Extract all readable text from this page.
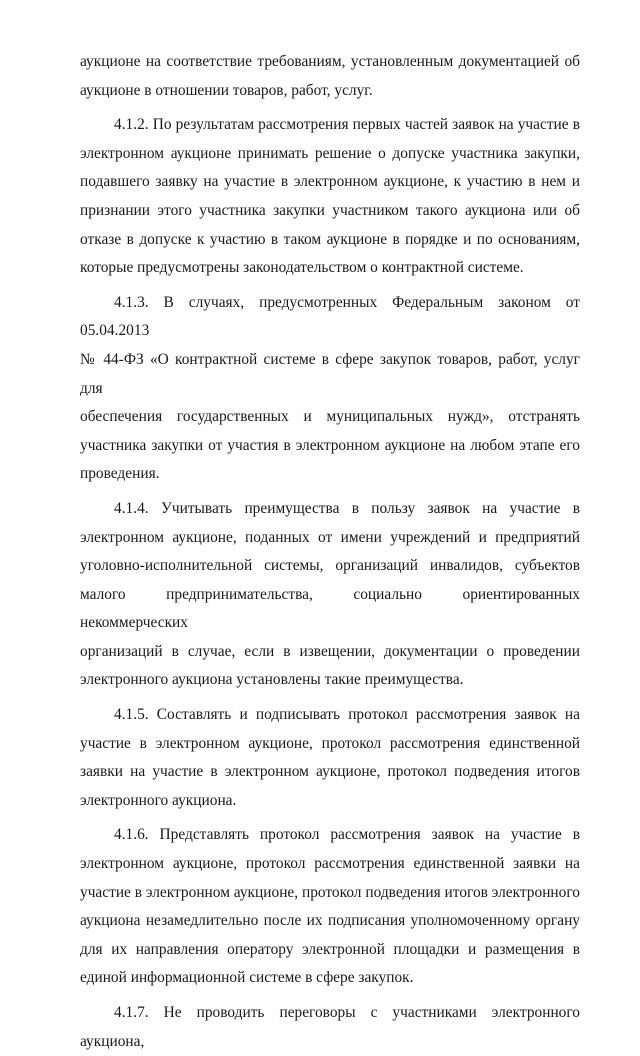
аукционе на соответствие требованиям, установленным документацией об
аукционе в отношении товаров, работ, услуг.
4.1.2. По результатам рассмотрения первых частей заявок на участие в
электронном аукционе принимать решение о допуске участника закупки,
подавшего заявку на участие в электронном аукционе, к участию в нем и
признании этого участника закупки участником такого аукциона или об
отказе в допуске к участию в таком аукционе в порядке и по основаниям,
которые предусмотрены законодательством о контрактной системе.
4.1.3. В случаях, предусмотренных Федеральным законом от 05.04.2013
№ 44-ФЗ «О контрактной системе в сфере закупок товаров, работ, услуг для
обеспечения государственных и муниципальных нужд», отстранять
участника закупки от участия в электронном аукционе на любом этапе его
проведения.
4.1.4. Учитывать преимущества в пользу заявок на участие в
электронном аукционе, поданных от имени учреждений и предприятий
уголовно-исполнительной системы, организаций инвалидов, субъектов
малого предпринимательства, социально ориентированных некоммерческих
организаций в случае, если в извещении, документации о проведении
электронного аукциона установлены такие преимущества.
4.1.5. Составлять и подписывать протокол рассмотрения заявок на
участие в электронном аукционе, протокол рассмотрения единственной
заявки на участие в электронном аукционе, протокол подведения итогов
электронного аукциона.
4.1.6. Представлять протокол рассмотрения заявок на участие в
электронном аукционе, протокол рассмотрения единственной заявки на
участие в электронном аукционе, протокол подведения итогов электронного
аукциона незамедлительно после их подписания уполномоченному органу
для их направления оператору электронной площадки и размещения в
единой информационной системе в сфере закупок.
4.1.7. Не проводить переговоры с участниками электронного аукциона,
